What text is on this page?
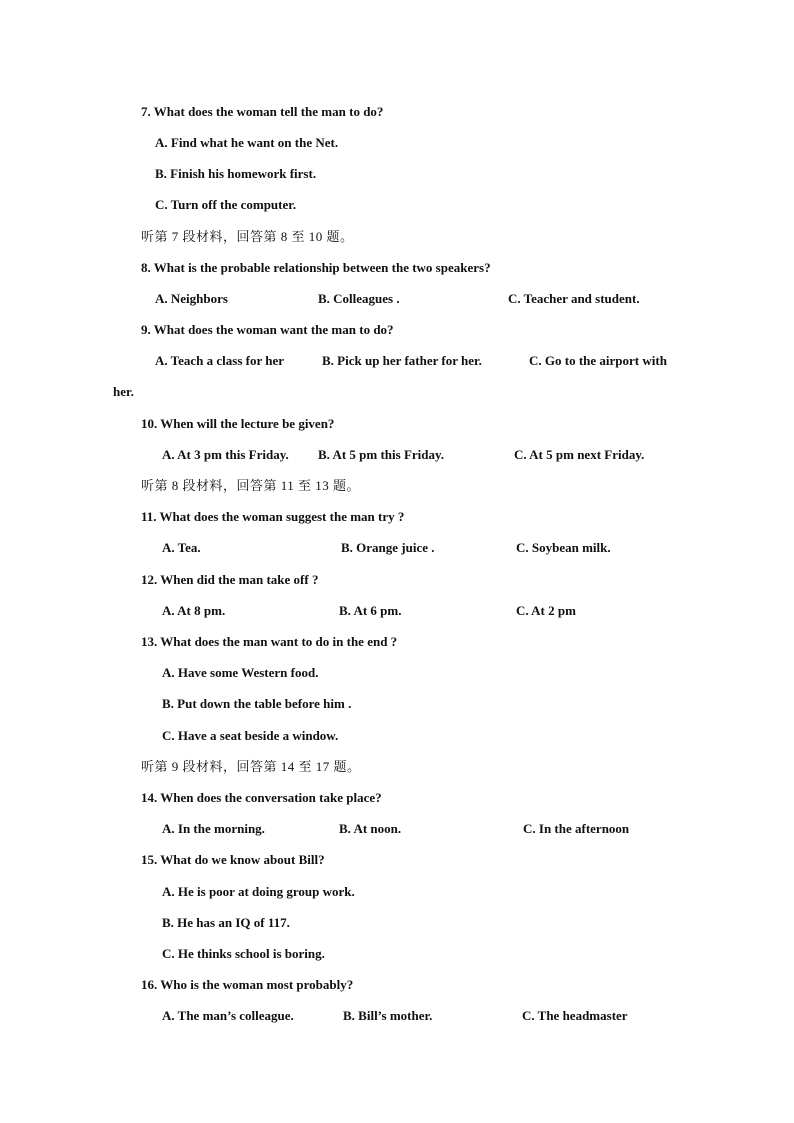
7. What does the woman tell the man to do?
A. Find what he want on the Net.
B. Finish his homework first.
C. Turn off the computer.
听第 7 段材料，回答第 8 至 10 题。
8. What is the probable relationship between the two speakers?
A. Neighbors	B. Colleagues .	C. Teacher and student.
9. What does the woman want the man to do?
A. Teach a class for her	B. Pick up her father for her.	C. Go to the airport with
her.
10. When will the lecture be given?
A. At 3 pm this Friday. B. At 5 pm this Friday.	C. At 5 pm next Friday.
听第 8 段材料，回答第 11 至 13 题。
11. What does the woman suggest the man try ?
A. Tea.	B. Orange juice .	C. Soybean milk.
12. When did the man take off ?
A. At 8 pm.	B. At 6 pm.	C. At 2 pm
13. What does the man want to do in the end ?
A. Have some Western food.
B. Put down the table before him .
C. Have a seat beside a window.
听第 9 段材料，回答第 14 至 17 题。
14. When does the conversation take place?
A. In the morning.	B. At noon.	C. In the afternoon
15. What do we know about Bill?
A. He is poor at doing group work.
B. He has an IQ of 117.
C. He thinks school is boring.
16. Who is the woman most probably?
A. The man’s colleague.	B. Bill’s mother.	C. The headmaster
